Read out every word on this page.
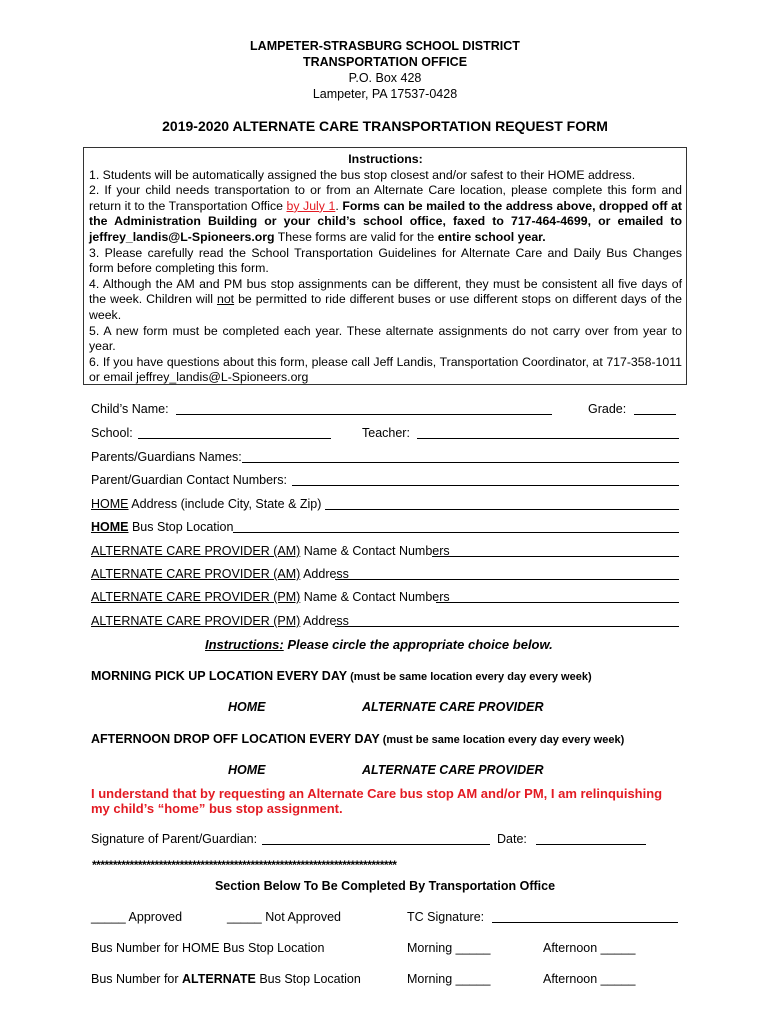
LAMPETER-STRASBURG SCHOOL DISTRICT
TRANSPORTATION OFFICE
P.O. Box 428
Lampeter, PA 17537-0428
2019-2020 ALTERNATE CARE TRANSPORTATION REQUEST FORM

Instructions:

1. Students will be automatically assigned the bus stop closest and/or safest to their HOME address.

2. If your child needs transportation to or from an Alternate Care location, please complete this form and return it to the Transportation Office by July 1. Forms can be mailed to the address above, dropped off at the Administration Building or your child’s school office, faxed to 717-464-4699, or emailed to jeffrey_landis@L-Spioneers.org These forms are valid for the entire school year.

3. Please carefully read the School Transportation Guidelines for Alternate Care and Daily Bus Changes form before completing this form.

4. Although the AM and PM bus stop assignments can be different, they must be consistent all five days of the week. Children will not be permitted to ride different buses or use different stops on different days of the week.

5. A new form must be completed each year. These alternate assignments do not carry over from year to year.

6. If you have questions about this form, please call Jeff Landis, Transportation Coordinator, at 717-358-1011 or email jeffrey_landis@L-Spioneers.org

Child’s Name:	Grade:
School:	Teacher:
Parents/Guardians Names:
Parent/Guardian Contact Numbers:
HOME Address (include City, State & Zip)
HOME Bus Stop Location
ALTERNATE CARE PROVIDER (AM) Name & Contact Numbers
ALTERNATE CARE PROVIDER (AM) Address
ALTERNATE CARE PROVIDER (PM) Name & Contact Numbers
ALTERNATE CARE PROVIDER (PM) Address
Instructions: Please circle the appropriate choice below.
MORNING PICK UP LOCATION EVERY DAY (must be same location every day every week)
HOME	ALTERNATE CARE PROVIDER
AFTERNOON DROP OFF LOCATION EVERY DAY (must be same location every day every week)
HOME	ALTERNATE CARE PROVIDER
I understand that by requesting an Alternate Care bus stop AM and/or PM, I am relinquishing
my child’s “home” bus stop assignment.
Signature of Parent/Guardian:	Date:
*************************************************************************
Section Below To Be Completed By Transportation Office
_____ Approved	_____ Not Approved	TC Signature:
Bus Number for HOME Bus Stop Location	Morning _____	Afternoon _____
Bus Number for ALTERNATE Bus Stop Location	Morning _____	Afternoon _____
